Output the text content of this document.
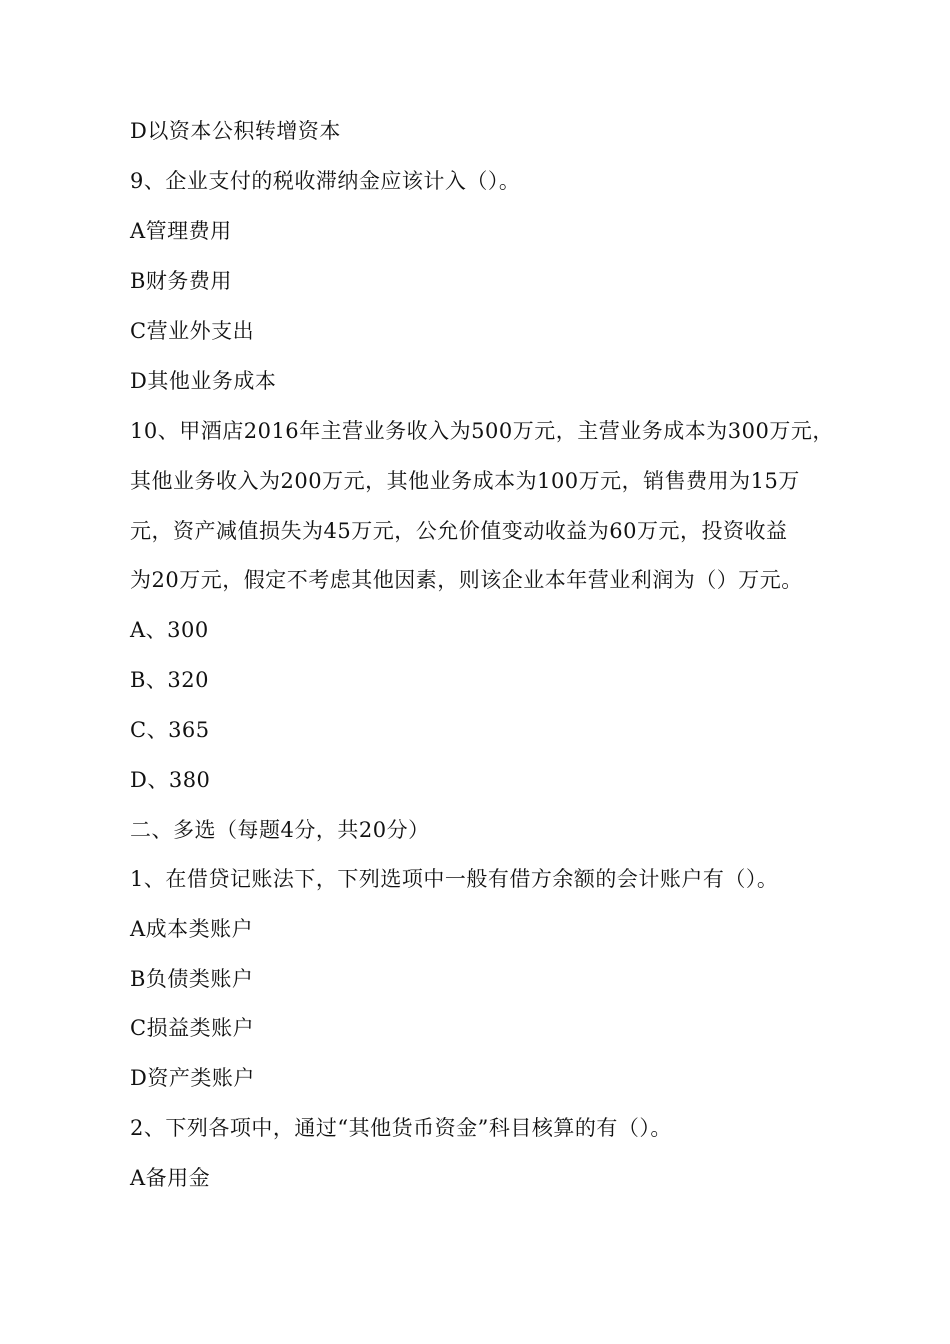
D以资本公积转增资本
9、企业支付的税收滞纳金应该计入（）。
A管理费用
B财务费用
C营业外支出
D其他业务成本
10、甲酒店2016年主营业务收入为500万元，主营业务成本为300万元，
其他业务收入为200万元，其他业务成本为100万元，销售费用为15万
元，资产减值损失为45万元，公允价值变动收益为60万元，投资收益
为20万元，假定不考虑其他因素，则该企业本年营业利润为（）万元。
A、300
B、320
C、365
D、380
二、多选（每题4分，共20分）
1、在借贷记账法下，下列选项中一般有借方余额的会计账户有（）。
A成本类账户
B负债类账户
C损益类账户
D资产类账户
2、下列各项中，通过“其他货币资金”科目核算的有（）。
A备用金
